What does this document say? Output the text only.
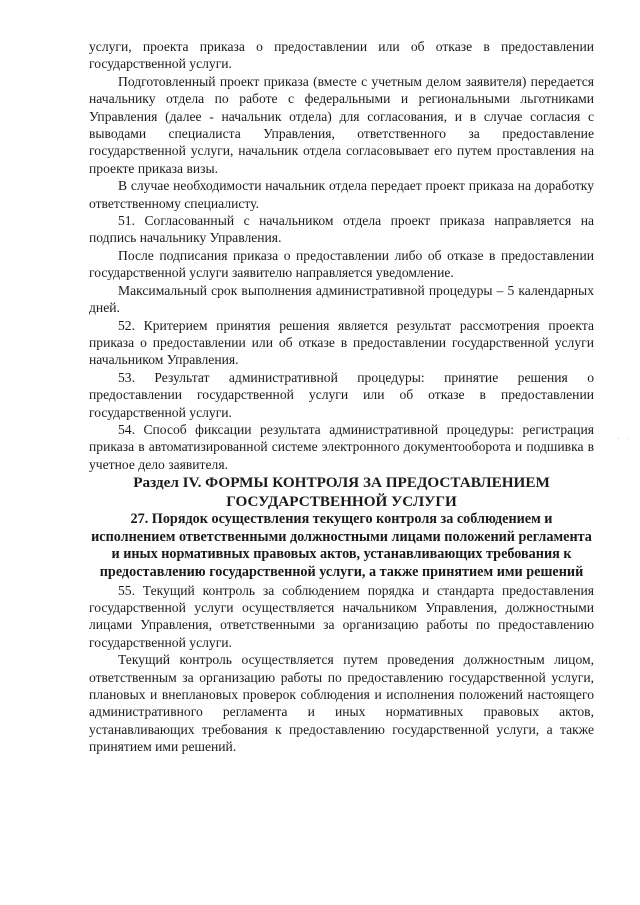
услуги, проекта приказа о предоставлении или об отказе в предоставлении государственной услуги.

Подготовленный проект приказа (вместе с учетным делом заявителя) передается начальнику отдела по работе с федеральными и региональными льготниками Управления (далее - начальник отдела) для согласования, и в случае согласия с выводами специалиста Управления, ответственного за предоставление государственной услуги, начальник отдела согласовывает его путем проставления на проекте приказа визы.

В случае необходимости начальник отдела передает проект приказа на доработку ответственному специалисту.

51. Согласованный с начальником отдела проект приказа направляется на подпись начальнику Управления.

После подписания приказа о предоставлении либо об отказе в предоставлении государственной услуги заявителю направляется уведомление.

Максимальный срок выполнения административной процедуры – 5 календарных дней.

52. Критерием принятия решения является результат рассмотрения проекта приказа о предоставлении или об отказе в предоставлении государственной услуги начальником Управления.

53. Результат административной процедуры: принятие решения о предоставлении государственной услуги или об отказе в предоставлении государственной услуги.

54. Способ фиксации результата административной процедуры: регистрация приказа в автоматизированной системе электронного документооборота и подшивка в учетное дело заявителя.

Раздел IV. ФОРМЫ КОНТРОЛЯ ЗА ПРЕДОСТАВЛЕНИЕМ ГОСУДАРСТВЕННОЙ УСЛУГИ

27. Порядок осуществления текущего контроля за соблюдением и исполнением ответственными должностными лицами положений регламента и иных нормативных правовых актов, устанавливающих требования к предоставлению государственной услуги, а также принятием ими решений

55. Текущий контроль за соблюдением порядка и стандарта предоставления государственной услуги осуществляется начальником Управления, должностными лицами Управления, ответственными за организацию работы по предоставлению государственной услуги.

Текущий контроль осуществляется путем проведения должностным лицом, ответственным за организацию работы по предоставлению государственной услуги, плановых и внеплановых проверок соблюдения и исполнения положений настоящего административного регламента и иных нормативных правовых актов, устанавливающих требования к предоставлению государственной услуги, а также принятием ими решений.

· ·
